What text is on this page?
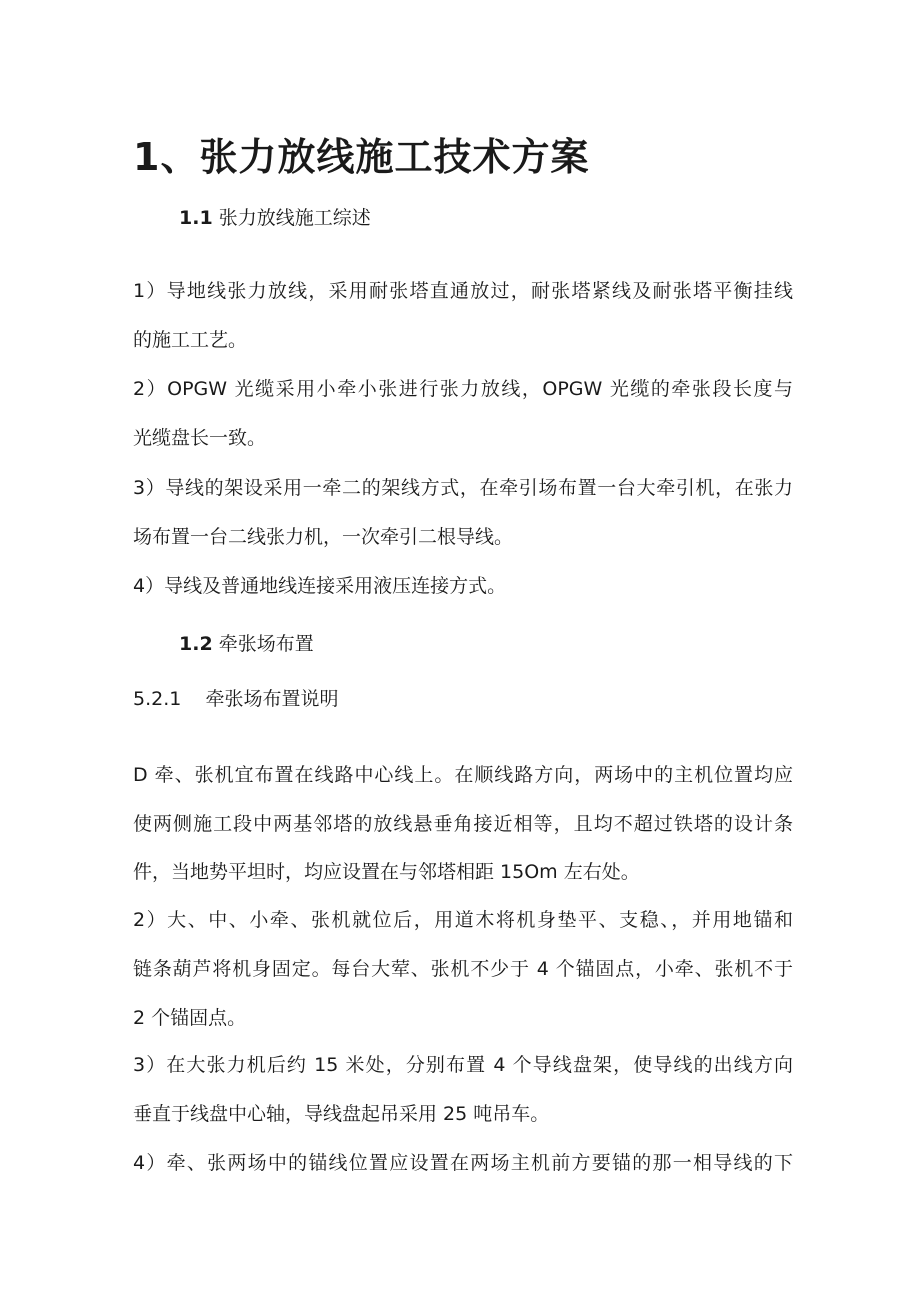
1、张力放线施工技术方案
1.1 张力放线施工综述
1）导地线张力放线，采用耐张塔直通放过，耐张塔紧线及耐张塔平衡挂线
的施工工艺。
2）OPGW 光缆采用小牵小张进行张力放线，OPGW 光缆的牵张段长度与
光缆盘长一致。
3）导线的架设采用一牵二的架线方式，在牵引场布置一台大牵引机，在张力
场布置一台二线张力机，一次牵引二根导线。
4）导线及普通地线连接采用液压连接方式。
1.2 牵张场布置
5.2.1    牵张场布置说明
D 牵、张机宜布置在线路中心线上。在顺线路方向，两场中的主机位置均应
使两侧施工段中两基邻塔的放线悬垂角接近相等，且均不超过铁塔的设计条
件，当地势平坦时，均应设置在与邻塔相距 15Om 左右处。
2）大、中、小牵、张机就位后，用道木将机身垫平、支稳、，并用地锚和
链条葫芦将机身固定。每台大荤、张机不少于 4 个锚固点，小牵、张机不于
2 个锚固点。
3）在大张力机后约 15 米处，分别布置 4 个导线盘架，使导线的出线方向
垂直于线盘中心轴，导线盘起吊采用 25 吨吊车。
4）牵、张两场中的锚线位置应设置在两场主机前方要锚的那一相导线的下
